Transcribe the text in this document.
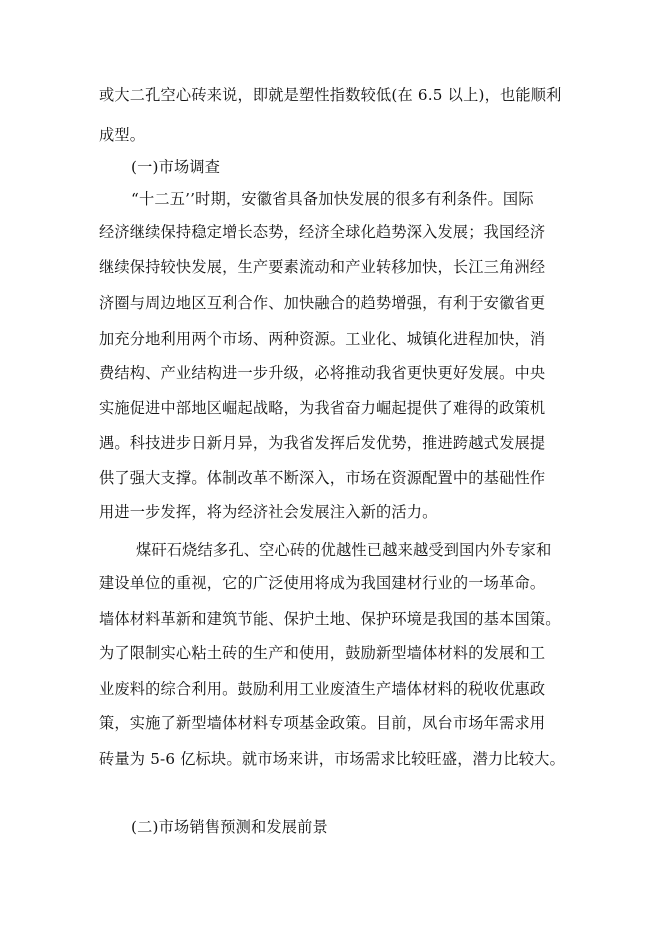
或大二孔空心砖来说，即就是塑性指数较低(在 6.5 以上)，也能顺利
成型。
(一)市场调查
“十二五’’时期，安徽省具备加快发展的很多有利条件。国际
经济继续保持稳定增长态势，经济全球化趋势深入发展；我国经济
继续保持较快发展，生产要素流动和产业转移加快，长江三角洲经
济圈与周边地区互利合作、加快融合的趋势增强，有利于安徽省更
加充分地利用两个市场、两种资源。工业化、城镇化进程加快，消
费结构、产业结构进一步升级，必将推动我省更快更好发展。中央
实施促进中部地区崛起战略，为我省奋力崛起提供了难得的政策机
遇。科技进步日新月异，为我省发挥后发优势，推进跨越式发展提
供了强大支撑。体制改革不断深入，市场在资源配置中的基础性作
用进一步发挥，将为经济社会发展注入新的活力。
煤矸石烧结多孔、空心砖的优越性已越来越受到国内外专家和
建设单位的重视，它的广泛使用将成为我国建材行业的一场革命。
墙体材料革新和建筑节能、保护土地、保护环境是我国的基本国策。
为了限制实心粘土砖的生产和使用，鼓励新型墙体材料的发展和工
业废料的综合利用。鼓励利用工业废渣生产墙体材料的税收优惠政
策，实施了新型墙体材料专项基金政策。目前，凤台市场年需求用
砖量为 5-6 亿标块。就市场来讲，市场需求比较旺盛，潜力比较大。
(二)市场销售预测和发展前景
